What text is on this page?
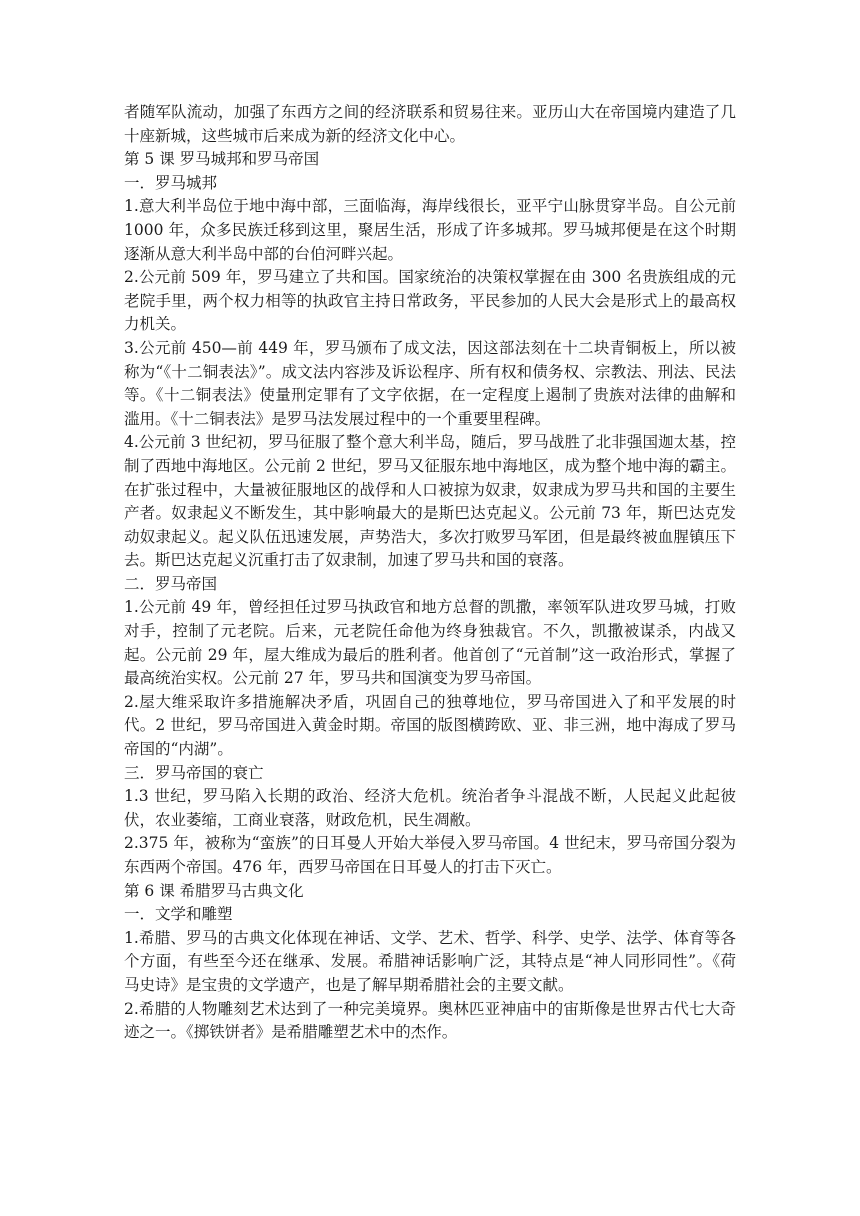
者随军队流动，加强了东西方之间的经济联系和贸易往来。亚历山大在帝国境内建造了几十座新城，这些城市后来成为新的经济文化中心。

第 5 课 罗马城邦和罗马帝国

一．罗马城邦

1.意大利半岛位于地中海中部，三面临海，海岸线很长，亚平宁山脉贯穿半岛。自公元前 1000 年，众多民族迁移到这里，聚居生活，形成了许多城邦。罗马城邦便是在这个时期逐渐从意大利半岛中部的台伯河畔兴起。

2.公元前 509 年，罗马建立了共和国。国家统治的决策权掌握在由 300 名贵族组成的元老院手里，两个权力相等的执政官主持日常政务，平民参加的人民大会是形式上的最高权力机关。

3.公元前 450—前 449 年，罗马颁布了成文法，因这部法刻在十二块青铜板上，所以被称为“《十二铜表法》”。成文法内容涉及诉讼程序、所有权和债务权、宗教法、刑法、民法等。《十二铜表法》使量刑定罪有了文字依据，在一定程度上遏制了贵族对法律的曲解和滥用。《十二铜表法》是罗马法发展过程中的一个重要里程碑。

4.公元前 3 世纪初，罗马征服了整个意大利半岛，随后，罗马战胜了北非强国迦太基，控制了西地中海地区。公元前 2 世纪，罗马又征服东地中海地区，成为整个地中海的霸主。在扩张过程中，大量被征服地区的战俘和人口被掠为奴隶，奴隶成为罗马共和国的主要生产者。奴隶起义不断发生，其中影响最大的是斯巴达克起义。公元前 73 年，斯巴达克发动奴隶起义。起义队伍迅速发展，声势浩大，多次打败罗马军团，但是最终被血腥镇压下去。斯巴达克起义沉重打击了奴隶制，加速了罗马共和国的衰落。

二．罗马帝国

1.公元前 49 年，曾经担任过罗马执政官和地方总督的凯撒，率领军队进攻罗马城，打败对手，控制了元老院。后来，元老院任命他为终身独裁官。不久，凯撒被谋杀，内战又起。公元前 29 年，屋大维成为最后的胜利者。他首创了“元首制”这一政治形式，掌握了最高统治实权。公元前 27 年，罗马共和国演变为罗马帝国。

2.屋大维采取许多措施解决矛盾，巩固自己的独尊地位，罗马帝国进入了和平发展的时代。2 世纪，罗马帝国进入黄金时期。帝国的版图横跨欧、亚、非三洲，地中海成了罗马帝国的“内湖”。

三．罗马帝国的衰亡

1.3 世纪，罗马陷入长期的政治、经济大危机。统治者争斗混战不断，人民起义此起彼伏，农业萎缩，工商业衰落，财政危机，民生凋敝。

2.375 年，被称为“蛮族”的日耳曼人开始大举侵入罗马帝国。4 世纪末，罗马帝国分裂为东西两个帝国。476 年，西罗马帝国在日耳曼人的打击下灭亡。

第 6 课 希腊罗马古典文化

一．文学和雕塑

1.希腊、罗马的古典文化体现在神话、文学、艺术、哲学、科学、史学、法学、体育等各个方面，有些至今还在继承、发展。希腊神话影响广泛，其特点是“神人同形同性”。《荷马史诗》是宝贵的文学遗产，也是了解早期希腊社会的主要文献。

2.希腊的人物雕刻艺术达到了一种完美境界。奥林匹亚神庙中的宙斯像是世界古代七大奇迹之一。《掷铁饼者》是希腊雕塑艺术中的杰作。
